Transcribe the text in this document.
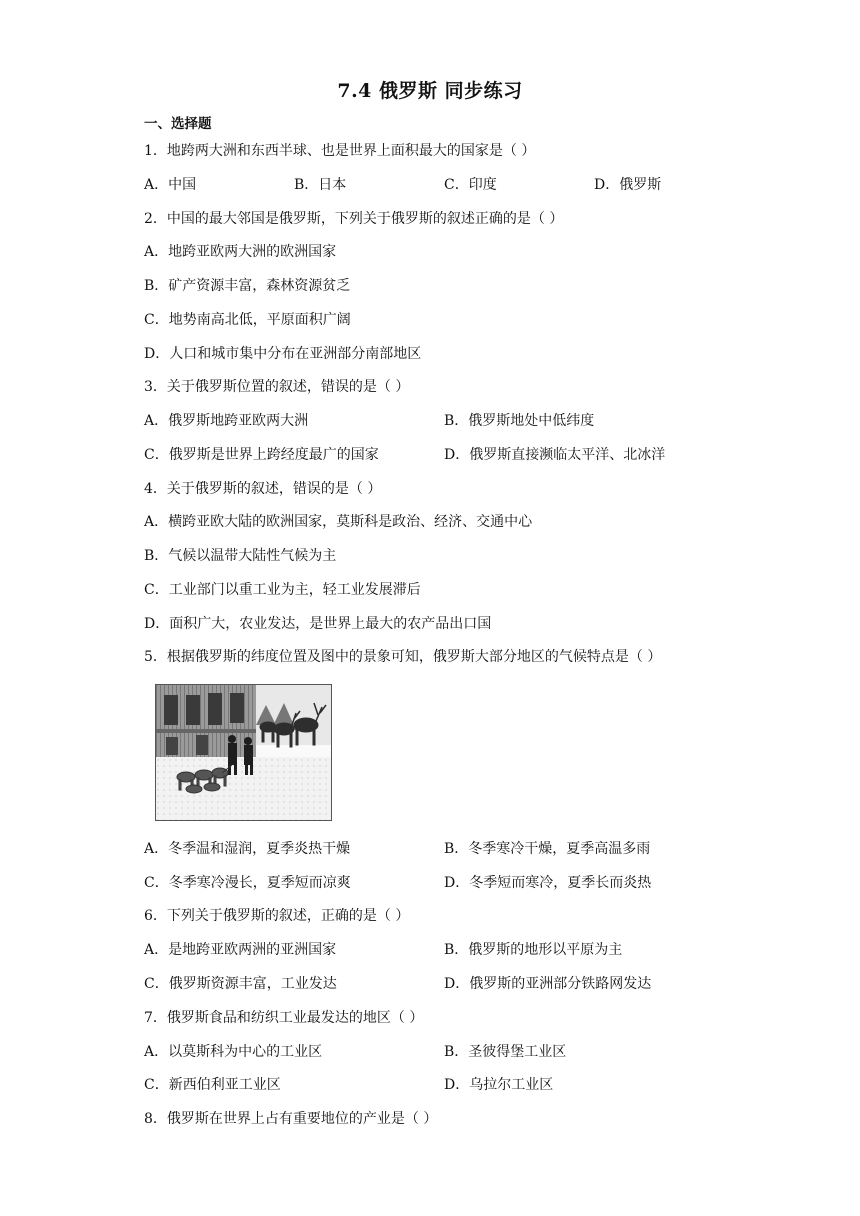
7.4 俄罗斯 同步练习
一、选择题
1．地跨两大洲和东西半球、也是世界上面积最大的国家是（ ）
A．中国	B．日本	C．印度	D．俄罗斯
2．中国的最大邻国是俄罗斯，下列关于俄罗斯的叙述正确的是（ ）
A．地跨亚欧两大洲的欧洲国家
B．矿产资源丰富，森林资源贫乏
C．地势南高北低，平原面积广阔
D．人口和城市集中分布在亚洲部分南部地区
3．关于俄罗斯位置的叙述，错误的是（ ）
A．俄罗斯地跨亚欧两大洲	B．俄罗斯地处中低纬度
C．俄罗斯是世界上跨经度最广的国家	D．俄罗斯直接濒临太平洋、北冰洋
4．关于俄罗斯的叙述，错误的是（ ）
A．横跨亚欧大陆的欧洲国家，莫斯科是政治、经济、交通中心
B．气候以温带大陆性气候为主
C．工业部门以重工业为主，轻工业发展滞后
D．面积广大，农业发达，是世界上最大的农产品出口国
5．根据俄罗斯的纬度位置及图中的景象可知，俄罗斯大部分地区的气候特点是（ ）
A．冬季温和湿润，夏季炎热干燥	B．冬季寒冷干燥，夏季高温多雨
C．冬季寒冷漫长，夏季短而凉爽	D．冬季短而寒冷，夏季长而炎热
6．下列关于俄罗斯的叙述，正确的是（ ）
A．是地跨亚欧两洲的亚洲国家	B．俄罗斯的地形以平原为主
C．俄罗斯资源丰富，工业发达	D．俄罗斯的亚洲部分铁路网发达
7．俄罗斯食品和纺织工业最发达的地区（ ）
A．以莫斯科为中心的工业区	B．圣彼得堡工业区
C．新西伯利亚工业区	D．乌拉尔工业区
8．俄罗斯在世界上占有重要地位的产业是（ ）
